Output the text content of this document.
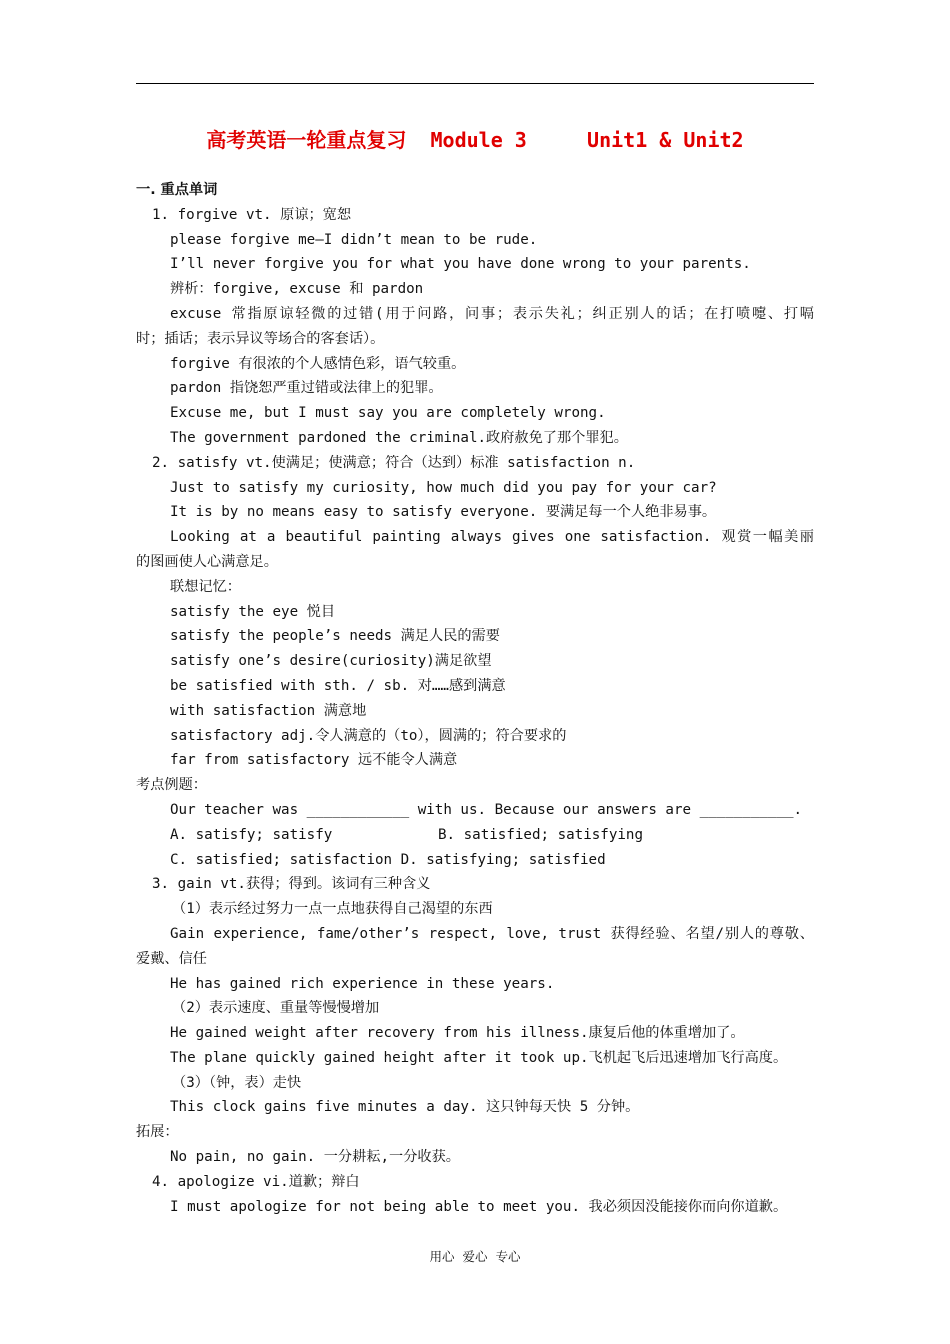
高考英语一轮重点复习  Module 3     Unit1 & Unit2
一. 重点单词
1. forgive vt. 原谅；宽恕
please forgive me—I didn’t mean to be rude.
I’ll never forgive you for what you have done wrong to your parents.
辨析：forgive, excuse 和 pardon
excuse 常指原谅轻微的过错(用于问路，问事；表示失礼；纠正别人的话；在打喷嚏、打嗝
时；插话；表示异议等场合的客套话）。
forgive 有很浓的个人感情色彩，语气较重。
pardon 指饶恕严重过错或法律上的犯罪。
Excuse me, but I must say you are completely wrong.
The government pardoned the criminal.政府赦免了那个罪犯。
2. satisfy vt.使满足；使满意；符合（达到）标准 satisfaction n.
Just to satisfy my curiosity, how much did you pay for your car?
It is by no means easy to satisfy everyone. 要满足每一个人绝非易事。
Looking at a beautiful painting always gives one satisfaction. 观赏一幅美丽
的图画使人心满意足。
联想记忆：
satisfy the eye 悦目
satisfy the people’s needs 满足人民的需要
satisfy one’s desire(curiosity)满足欲望
be satisfied with sth. / sb. 对……感到满意
with satisfaction 满意地
satisfactory adj.令人满意的（to），圆满的；符合要求的
far from satisfactory 远不能令人满意
考点例题：
Our teacher was ____________ with us. Because our answers are ___________.
A. satisfy; satisfy	B. satisfied; satisfying
C. satisfied; satisfaction D. satisfying; satisfied
3. gain vt.获得；得到。该词有三种含义
（1）表示经过努力一点一点地获得自己渴望的东西
Gain experience, fame/other’s respect, love, trust 获得经验、名望/别人的尊敬、
爱戴、信任
He has gained rich experience in these years.
（2）表示速度、重量等慢慢增加
He gained weight after recovery from his illness.康复后他的体重增加了。
The plane quickly gained height after it took up.飞机起飞后迅速增加飞行高度。
（3）（钟，表）走快
This clock gains five minutes a day. 这只钟每天快 5 分钟。
拓展：
No pain, no gain. 一分耕耘,一分收获。
4. apologize vi.道歉；辩白
I must apologize for not being able to meet you. 我必须因没能接你而向你道歉。
用心  爱心  专心
